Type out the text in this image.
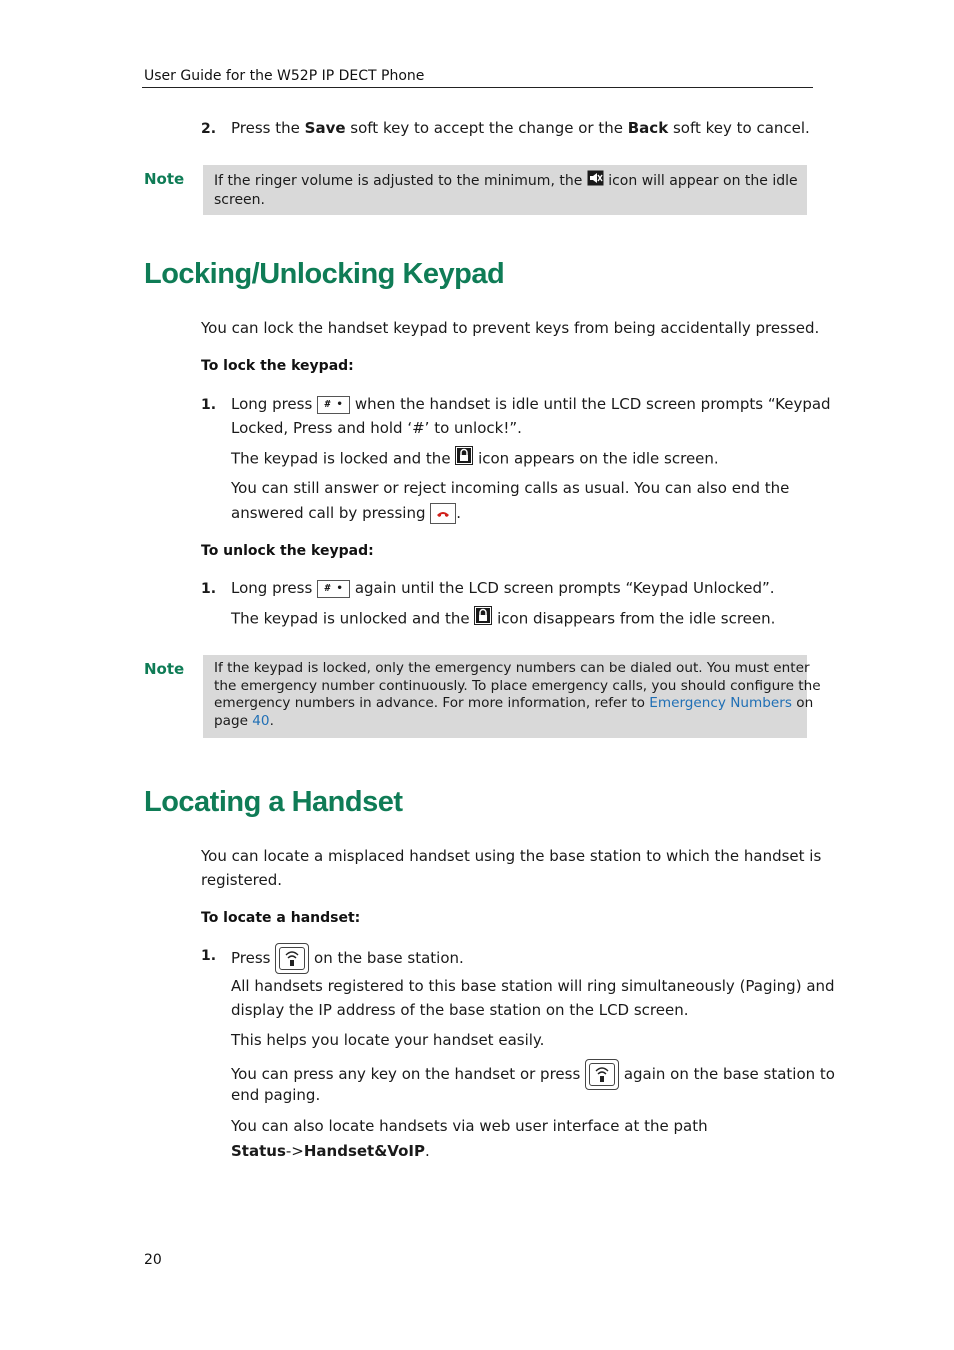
User Guide for the W52P IP DECT Phone
2. Press the Save soft key to accept the change or the Back soft key to cancel.
Note If the ringer volume is adjusted to the minimum, the  icon will appear on the idle
screen.
Locking/Unlocking Keypad
You can lock the handset keypad to prevent keys from being accidentally pressed.
To lock the keypad:
1. Long press # • when the handset is idle until the LCD screen prompts “Keypad
Locked, Press and hold ‘#’ to unlock!”.
The keypad is locked and the  icon appears on the idle screen.
You can still answer or reject incoming calls as usual. You can also end the
answered call by pressing .
To unlock the keypad:
1. Long press # • again until the LCD screen prompts “Keypad Unlocked”.
The keypad is unlocked and the  icon disappears from the idle screen.
Note If the keypad is locked, only the emergency numbers can be dialed out. You must enter
the emergency number continuously. To place emergency calls, you should configure the
emergency numbers in advance. For more information, refer to Emergency Numbers on
page 40.
Locating a Handset
You can locate a misplaced handset using the base station to which the handset is
registered.
To locate a handset:
1. Press
on the base station.
All handsets registered to this base station will ring simultaneously (Paging) and
display the IP address of the base station on the LCD screen.
This helps you locate your handset easily.
You can press any key on the handset or press
again on the base station to
end paging.
You can also locate handsets via web user interface at the path
Status->Handset&VoIP.
20
